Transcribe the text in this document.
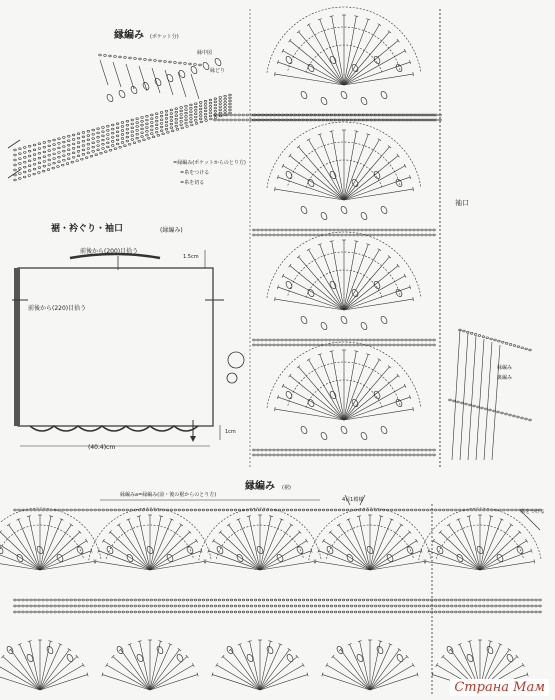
縁編み (ポケット分)
縁中図
縁どり
袖口
=縁編み(ポケットからのとり方)
=糸をつける
=糸を切る
裾・衿ぐり・袖口	(縁編み)
前後から(200)目拾う
前後から(220)目拾う
(40.4)cm
1.5cm
1cm
縁編み
裏編み
縁編み (裾)
縁編みa=縁編み(前・後の裾からのとり方)
4目1模様
糸をつける
Страна Мам
